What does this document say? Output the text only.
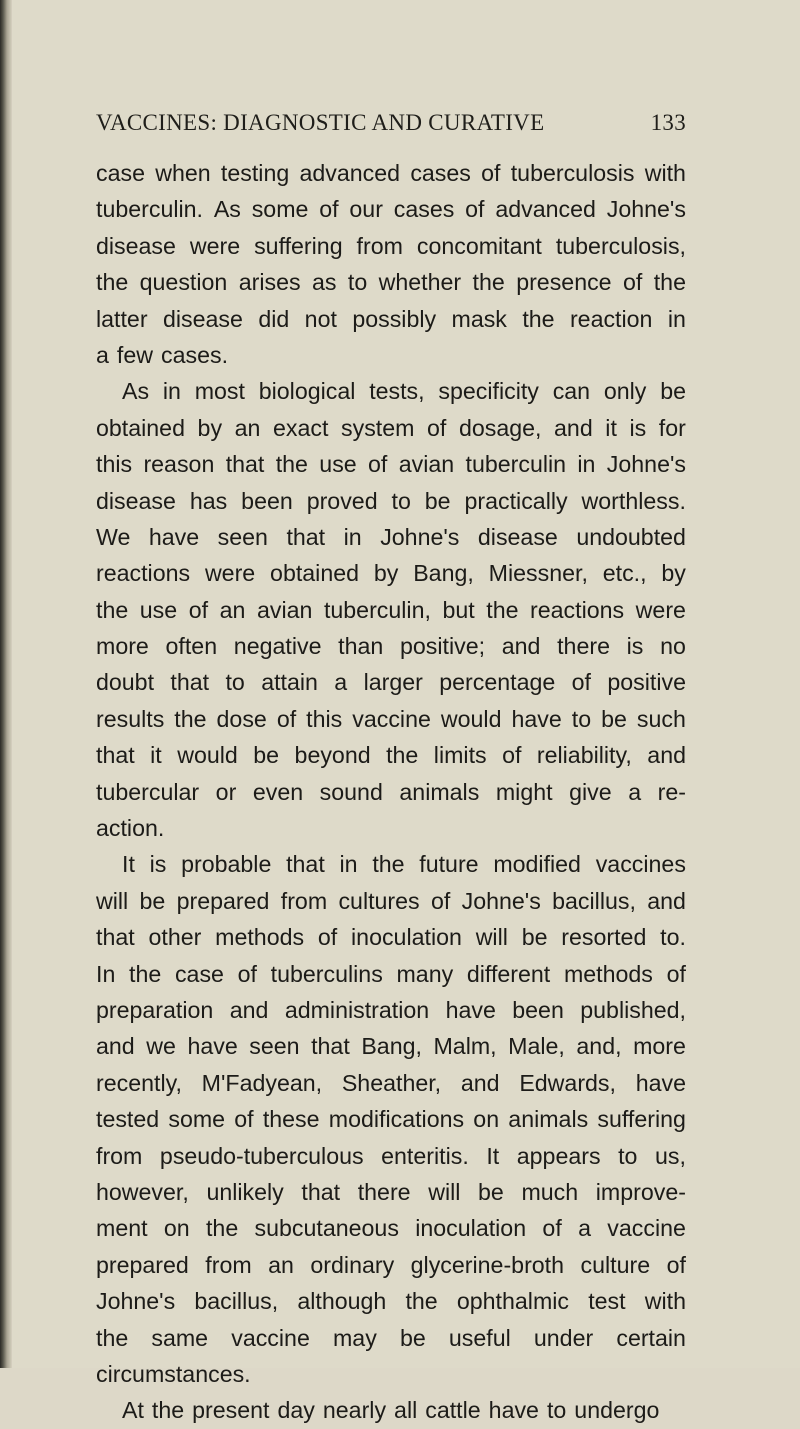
VACCINES: DIAGNOSTIC AND CURATIVE	133
case when testing advanced cases of tuberculosis with
tuberculin. As some of our cases of advanced Johne's
disease were suffering from concomitant tuberculosis,
the question arises as to whether the presence of the
latter disease did not possibly mask the reaction in
a few cases.
As in most biological tests, specificity can only be
obtained by an exact system of dosage, and it is for
this reason that the use of avian tuberculin in Johne's
disease has been proved to be practically worthless.
We have seen that in Johne's disease undoubted
reactions were obtained by Bang, Miessner, etc., by
the use of an avian tuberculin, but the reactions were
more often negative than positive; and there is no
doubt that to attain a larger percentage of positive
results the dose of this vaccine would have to be such
that it would be beyond the limits of reliability, and
tubercular or even sound animals might give a re-
action.
It is probable that in the future modified vaccines
will be prepared from cultures of Johne's bacillus, and
that other methods of inoculation will be resorted to.
In the case of tuberculins many different methods of
preparation and administration have been published,
and we have seen that Bang, Malm, Male, and, more
recently, M'Fadyean, Sheather, and Edwards, have
tested some of these modifications on animals suffering
from pseudo-tuberculous enteritis. It appears to us,
however, unlikely that there will be much improve-
ment on the subcutaneous inoculation of a vaccine
prepared from an ordinary glycerine-broth culture of
Johne's bacillus, although the ophthalmic test with
the same vaccine may be useful under certain
circumstances.
At the present day nearly all cattle have to undergo
